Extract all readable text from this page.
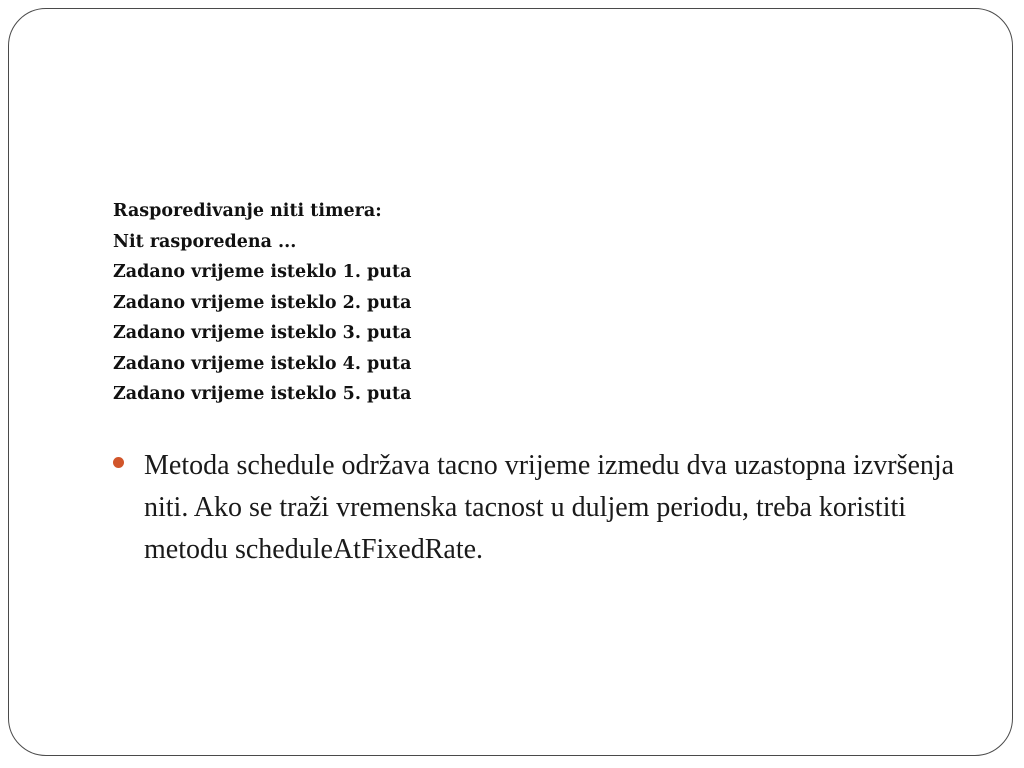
Rasporedivanje niti timera:
Nit rasporedena ...
Zadano vrijeme isteklo 1. puta
Zadano vrijeme isteklo 2. puta
Zadano vrijeme isteklo 3. puta
Zadano vrijeme isteklo 4. puta
Zadano vrijeme isteklo 5. puta
Metoda schedule održava tacno vrijeme izmedu dva uzastopna izvršenja niti. Ako se traži vremenska tacnost u duljem periodu, treba koristiti metodu scheduleAtFixedRate.
